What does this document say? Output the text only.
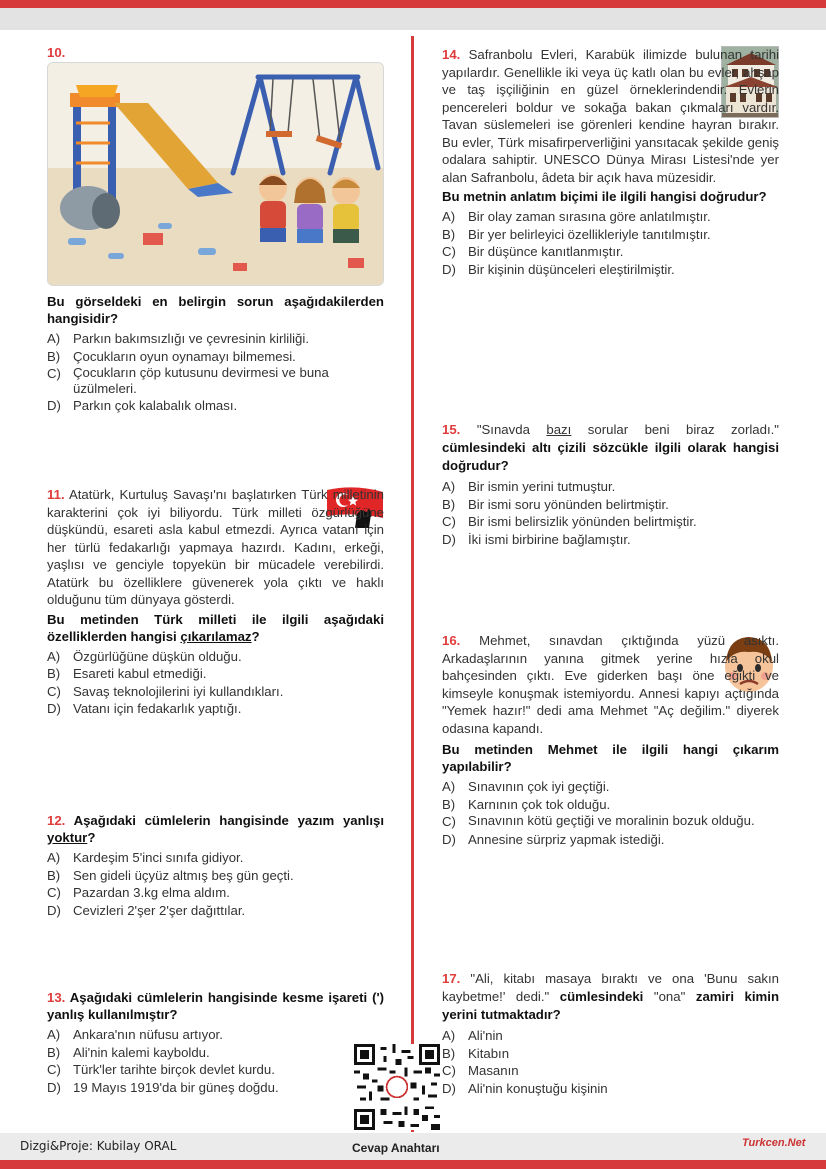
10.
Bu görseldeki en belirgin sorun aşağıdakilerden hangisidir?
A) Parkın bakımsızlığı ve çevresinin kirliliği.
B) Çocukların oyun oynamayı bilmemesi.
C) Çocukların çöp kutusunu devirmesi ve buna üzülmeleri.
D) Parkın çok kalabalık olması.
11. Atatürk, Kurtuluş Savaşı'nı başlatırken Türk milletinin karakterini çok iyi biliyordu. Türk milleti özgürlüğüne düşkündü, esareti asla kabul etmezdi. Ayrıca vatanı için her türlü fedakarlığı yapmaya hazırdı. Kadını, erkeği, yaşlısı ve genciyle topyekün bir mücadele verebilirdi. Atatürk bu özelliklere güvenerek yola çıktı ve haklı olduğunu tüm dünyaya gösterdi.
Bu metinden Türk milleti ile ilgili aşağıdaki özelliklerden hangisi çıkarılamaz?
A) Özgürlüğüne düşkün olduğu.
B) Esareti kabul etmediği.
C) Savaş teknolojilerini iyi kullandıkları.
D) Vatanı için fedakarlık yaptığı.
12. Aşağıdaki cümlelerin hangisinde yazım yanlışı yoktur?
A) Kardeşim 5'inci sınıfa gidiyor.
B) Sen gideli üçyüz altmış beş gün geçti.
C) Pazardan 3.kg elma aldım.
D) Cevizleri 2'şer 2'şer dağıttılar.
13. Aşağıdaki cümlelerin hangisinde kesme işareti (') yanlış kullanılmıştır?
A) Ankara'nın nüfusu artıyor.
B) Ali'nin kalemi kayboldu.
C) Türk'ler tarihte birçok devlet kurdu.
D) 19 Mayıs 1919'da bir güneş doğdu.
14. Safranbolu Evleri, Karabük ilimizde bulunan tarihi yapılardır. Genellikle iki veya üç katlı olan bu evler, ahşap ve taş işçiliğinin en güzel örneklerindendir. Evlerin pencereleri boldur ve sokağa bakan çıkmaları vardır. Tavan süslemeleri ise görenleri kendine hayran bırakır. Bu evler, Türk misafirperverliğini yansıtacak şekilde geniş odalara sahiptir. UNESCO Dünya Mirası Listesi'nde yer alan Safranbolu, âdeta bir açık hava müzesidir.
Bu metnin anlatım biçimi ile ilgili hangisi doğrudur?
A) Bir olay zaman sırasına göre anlatılmıştır.
B) Bir yer belirleyici özellikleriyle tanıtılmıştır.
C) Bir düşünce kanıtlanmıştır.
D) Bir kişinin düşünceleri eleştirilmiştir.
15. "Sınavda bazı sorular beni biraz zorladı." cümlesindeki altı çizili sözcükle ilgili olarak hangisi doğrudur?
A) Bir ismin yerini tutmuştur.
B) Bir ismi soru yönünden belirtmiştir.
C) Bir ismi belirsizlik yönünden belirtmiştir.
D) İki ismi birbirine bağlamıştır.
16. Mehmet, sınavdan çıktığında yüzü asıktı. Arkadaşlarının yanına gitmek yerine hızla okul bahçesinden çıktı. Eve giderken başı öne eğikti ve kimseyle konuşmak istemiyordu. Annesi kapıyı açtığında "Yemek hazır!" dedi ama Mehmet "Aç değilim." diyerek odasına kapandı.
Bu metinden Mehmet ile ilgili hangi çıkarım yapılabilir?
A) Sınavının çok iyi geçtiği.
B) Karnının çok tok olduğu.
C) Sınavının kötü geçtiği ve moralinin bozuk olduğu.
D) Annesine sürpriz yapmak istediği.
17. "Ali, kitabı masaya bıraktı ve ona 'Bunu sakın kaybetme!' dedi." cümlesindeki "ona" zamiri kimin yerini tutmaktadır?
A) Ali'nin
B) Kitabın
C) Masanın
D) Ali'nin konuştuğu kişinin
Dizgi&Proje: Kubilay ORAL	Cevap Anahtarı	Turkcen.Net
